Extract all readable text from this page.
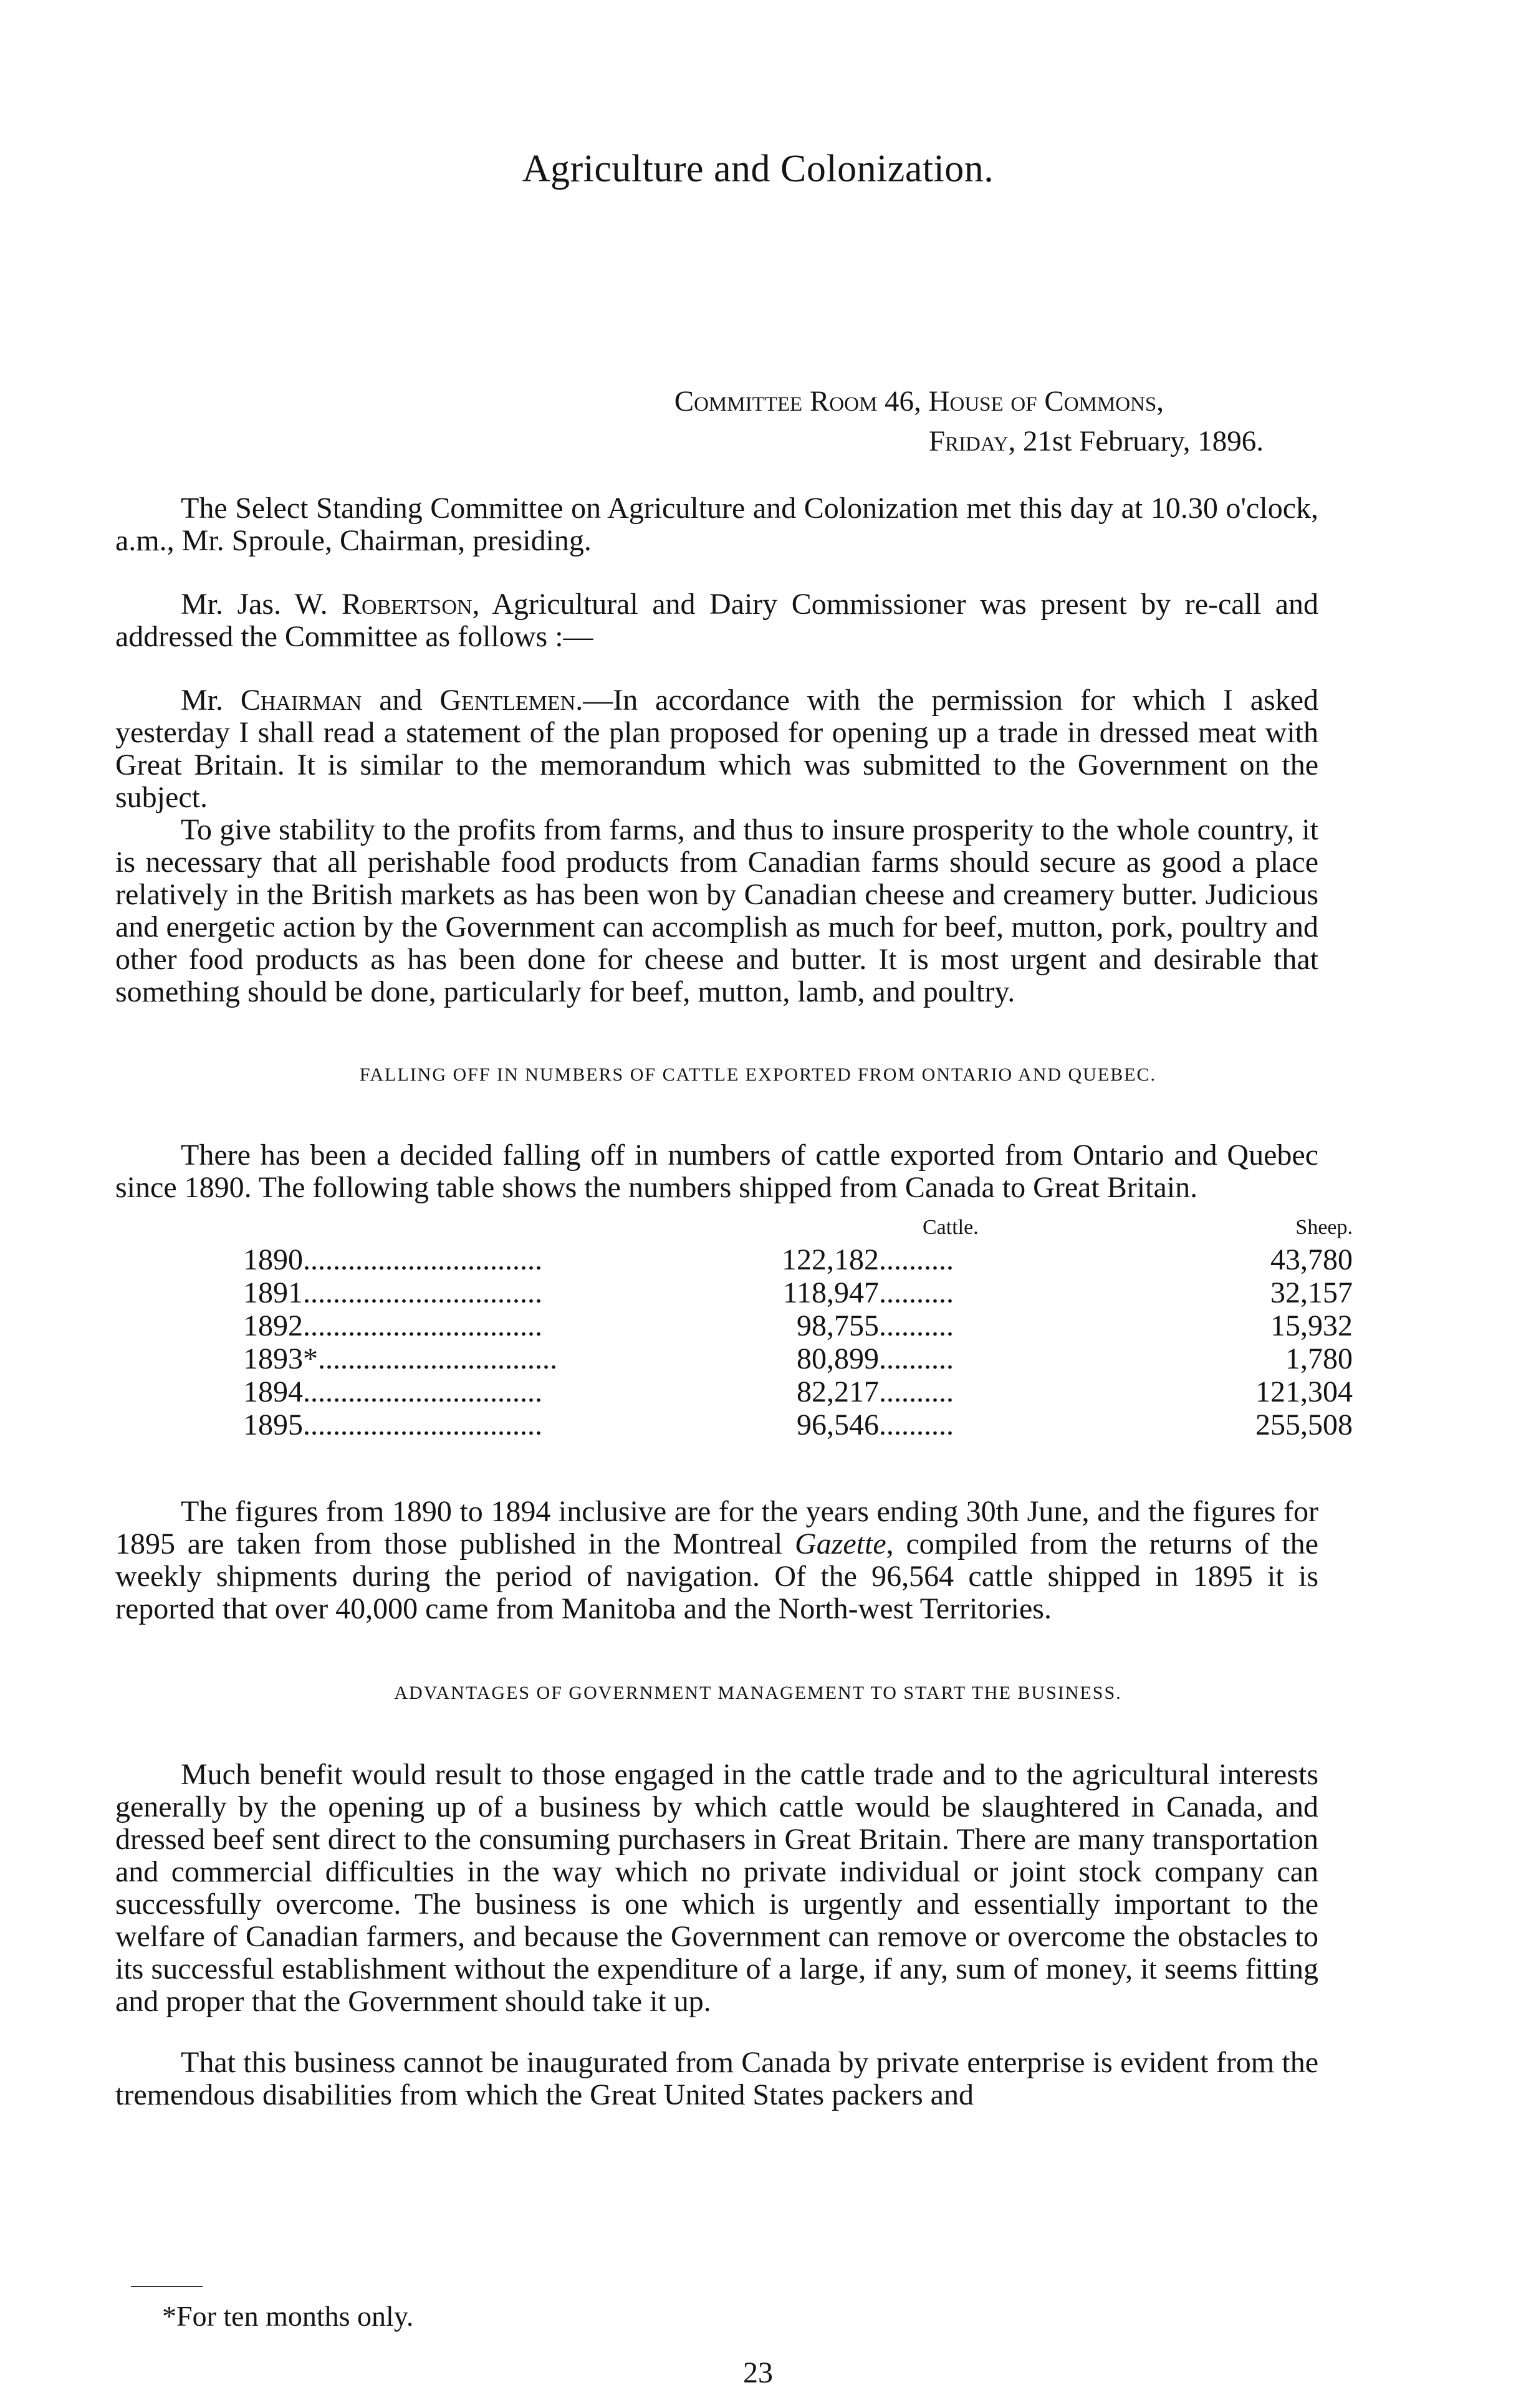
Agriculture and Colonization.
Committee Room 46, House of Commons,
Friday, 21st February, 1896.

The Select Standing Committee on Agriculture and Colonization met this day at 10.30 o'clock, a.m., Mr. Sproule, Chairman, presiding.

Mr. Jas. W. Robertson, Agricultural and Dairy Commissioner was present by re-call and addressed the Committee as follows :—

Mr. Chairman and Gentlemen.—In accordance with the permission for which I asked yesterday I shall read a statement of the plan proposed for opening up a trade in dressed meat with Great Britain. It is similar to the memorandum which was submitted to the Government on the subject.

To give stability to the profits from farms, and thus to insure prosperity to the whole country, it is necessary that all perishable food products from Canadian farms should secure as good a place relatively in the British markets as has been won by Canadian cheese and creamery butter. Judicious and energetic action by the Government can accomplish as much for beef, mutton, pork, poultry and other food products as has been done for cheese and butter. It is most urgent and desirable that something should be done, particularly for beef, mutton, lamb, and poultry.

FALLING OFF IN NUMBERS OF CATTLE EXPORTED FROM ONTARIO AND QUEBEC.

There has been a decided falling off in numbers of cattle exported from Ontario and Quebec since 1890. The following table shows the numbers shipped from Canada to Great Britain.

	Cattle.	Sheep.
1890................................	122,182..........	43,780
1891................................	118,947..........	32,157
1892................................	98,755..........	15,932
1893*................................	80,899..........	1,780
1894................................	82,217..........	121,304
1895................................	96,546..........	255,508

The figures from 1890 to 1894 inclusive are for the years ending 30th June, and the figures for 1895 are taken from those published in the Montreal Gazette, compiled from the returns of the weekly shipments during the period of navigation. Of the 96,564 cattle shipped in 1895 it is reported that over 40,000 came from Manitoba and the North-west Territories.

ADVANTAGES OF GOVERNMENT MANAGEMENT TO START THE BUSINESS.

Much benefit would result to those engaged in the cattle trade and to the agricultural interests generally by the opening up of a business by which cattle would be slaughtered in Canada, and dressed beef sent direct to the consuming purchasers in Great Britain. There are many transportation and commercial difficulties in the way which no private individual or joint stock company can successfully overcome. The business is one which is urgently and essentially important to the welfare of Canadian farmers, and because the Government can remove or overcome the obstacles to its successful establishment without the expenditure of a large, if any, sum of money, it seems fitting and proper that the Government should take it up.

That this business cannot be inaugurated from Canada by private enterprise is evident from the tremendous disabilities from which the Great United States packers and

*For ten months only.
23
